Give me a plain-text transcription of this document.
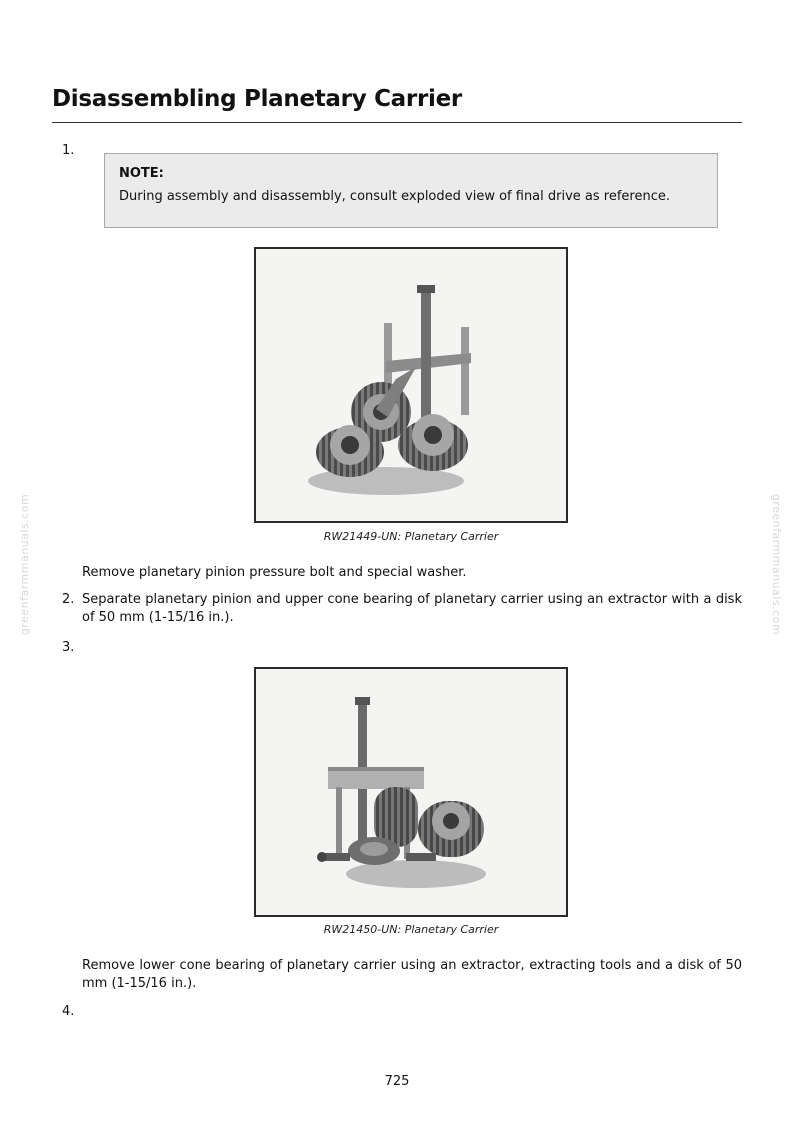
Disassembling Planetary Carrier
1.
NOTE:
During assembly and disassembly, consult exploded view of final drive as reference.
RW21449-UN: Planetary Carrier
Remove planetary pinion pressure bolt and special washer.
2. Separate planetary pinion and upper cone bearing of planetary carrier using an extractor with a disk of 50 mm (1-15/16 in.).
3.
RW21450-UN: Planetary Carrier
Remove lower cone bearing of planetary carrier using an extractor, extracting tools and a disk of 50 mm (1-15/16 in.).
4.
greenfarmmanuals.com	greenfarmmanuals.com
725
